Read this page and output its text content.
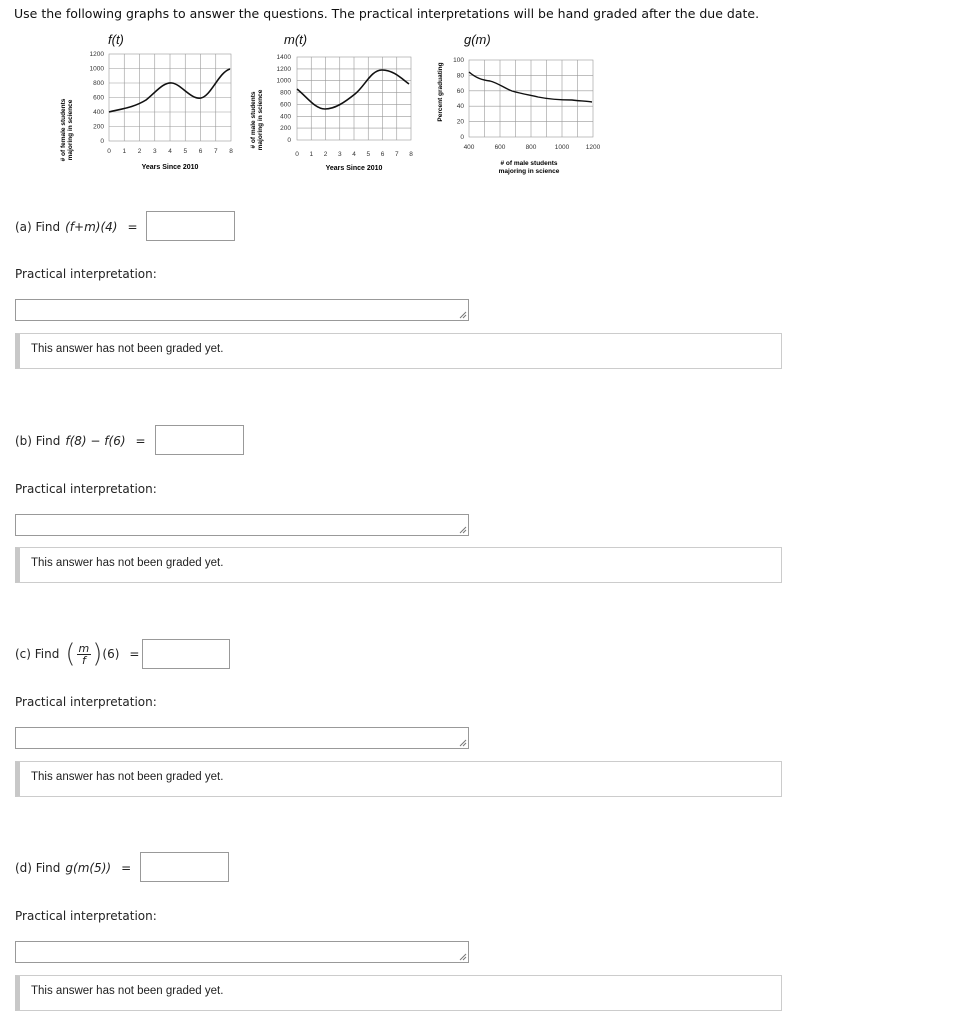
Use the following graphs to answer the questions. The practical interpretations will be hand graded after the due date.
f(t)
# of female students majoring in science
1200
1000
800
600
400
200
0
0 1 2 3 4 5 6 7 8
Years Since 2010
m(t)
# of male students majoring in science
1400
1200
1000
800
600
400
200
0
0 1 2 3 4 5 6 7 8
Years Since 2010
g(m)
Percent graduating
100
80
60
40
20
0
400	600	800	1000	1200
# of male students
majoring in science
(a) Find (f+m)(4) =
Practical interpretation:
This answer has not been graded yet.
(b) Find f(8) − f(6) =
Practical interpretation:
This answer has not been graded yet.
(c) Find ( $\frac{m}{f}$ ) (6) =
Practical interpretation:
This answer has not been graded yet.
(d) Find g(m(5)) =
Practical interpretation:
This answer has not been graded yet.
